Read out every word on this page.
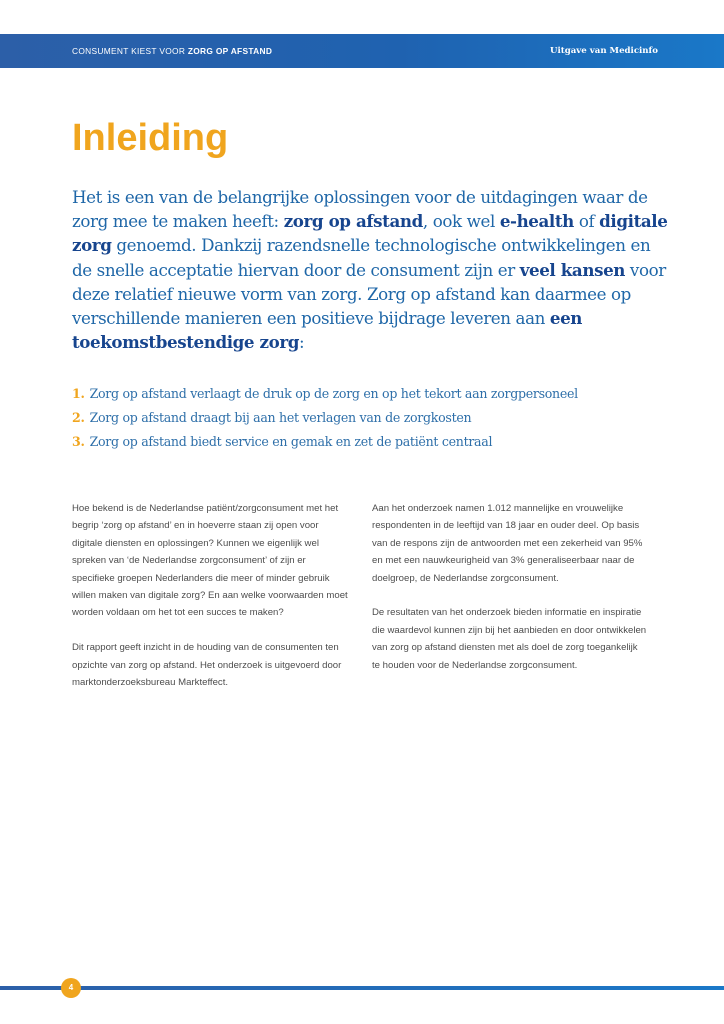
CONSUMENT KIEST VOOR ZORG OP AFSTAND	Uitgave van Medicinfo
Inleiding

Het is een van de belangrijke oplossingen voor de uitdagingen waar de zorg mee te maken heeft: zorg op afstand, ook wel e-health of digitale zorg genoemd. Dankzij razendsnelle technologische ontwikkelingen en de snelle acceptatie hiervan door de consument zijn er veel kansen voor deze relatief nieuwe vorm van zorg. Zorg op afstand kan daarmee op verschillende manieren een positieve bijdrage leveren aan een toekomstbestendige zorg:

1. Zorg op afstand verlaagt de druk op de zorg en op het tekort aan zorgpersoneel
2. Zorg op afstand draagt bij aan het verlagen van de zorgkosten
3. Zorg op afstand biedt service en gemak en zet de patiënt centraal

Hoe bekend is de Nederlandse patiënt/zorgconsument met het begrip ‘zorg op afstand’ en in hoeverre staan zij open voor digitale diensten en oplossingen? Kunnen we eigenlijk wel spreken van ‘de Nederlandse zorgconsument’ of zijn er specifieke groepen Nederlanders die meer of minder gebruik willen maken van digitale zorg? En aan welke voorwaarden moet worden voldaan om het tot een succes te maken?

Dit rapport geeft inzicht in de houding van de consumenten ten opzichte van zorg op afstand. Het onderzoek is uitgevoerd door marktonderzoeksbureau Markteffect.

Aan het onderzoek namen 1.012 mannelijke en vrouwelijke respondenten in de leeftijd van 18 jaar en ouder deel. Op basis van de respons zijn de antwoorden met een zekerheid van 95% en met een nauwkeurigheid van 3% generaliseerbaar naar de doelgroep, de Nederlandse zorgconsument.

De resultaten van het onderzoek bieden informatie en inspiratie die waardevol kunnen zijn bij het aanbieden en door ontwikkelen van zorg op afstand diensten met als doel de zorg toegankelijk te houden voor de Nederlandse zorgconsument.

4
